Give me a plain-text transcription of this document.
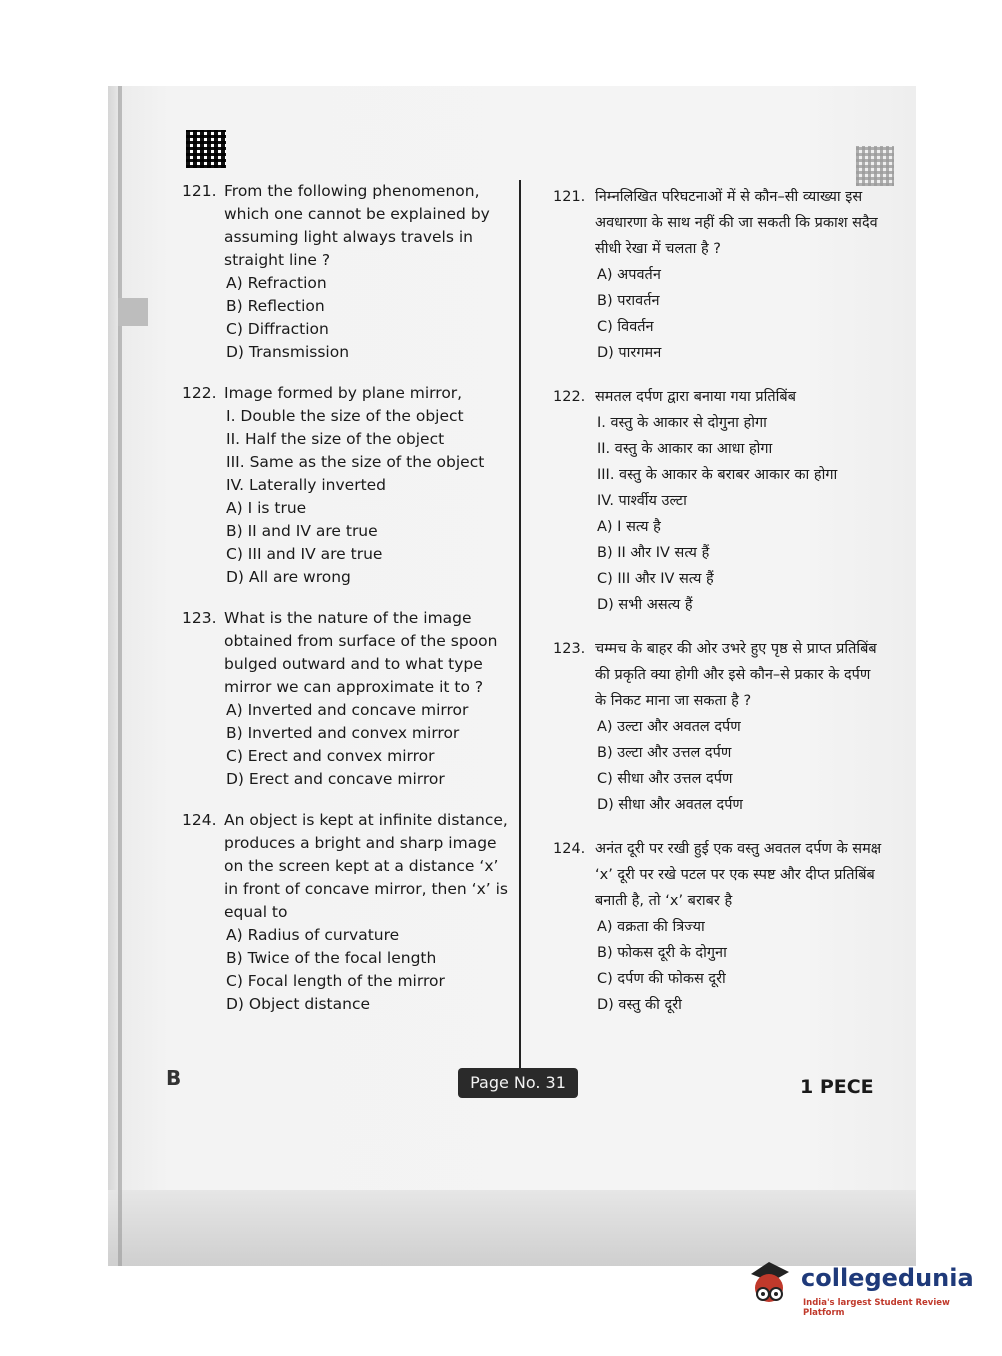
121. From the following phenomenon, which one cannot be explained by assuming light always travels in straight line ?
A) Refraction
B) Reflection
C) Diffraction
D) Transmission
122. Image formed by plane mirror,
I. Double the size of the object
II. Half the size of the object
III. Same as the size of the object
IV. Laterally inverted
A) I is true
B) II and IV are true
C) III and IV are true
D) All are wrong
123. What is the nature of the image obtained from surface of the spoon bulged outward and to what type mirror we can approximate it to ?
A) Inverted and concave mirror
B) Inverted and convex mirror
C) Erect and convex mirror
D) Erect and concave mirror
124. An object is kept at infinite distance, produces a bright and sharp image on the screen kept at a distance ‘x’ in front of concave mirror, then ‘x’ is equal to
A) Radius of curvature
B) Twice of the focal length
C) Focal length of the mirror
D) Object distance
121. निम्नलिखित परिघटनाओं में से कौन–सी व्याख्या इस अवधारणा के साथ नहीं की जा सकती कि प्रकाश सदैव सीधी रेखा में चलता है ?
A) अपवर्तन
B) परावर्तन
C) विवर्तन
D) पारगमन
122. समतल दर्पण द्वारा बनाया गया प्रतिबिंब
I. वस्तु के आकार से दोगुना होगा
II. वस्तु के आकार का आधा होगा
III. वस्तु के आकार के बराबर आकार का होगा
IV. पार्श्वीय उल्टा
A) I सत्य है
B) II और IV सत्य हैं
C) III और IV सत्य हैं
D) सभी असत्य हैं
123. चम्मच के बाहर की ओर उभरे हुए पृष्ठ से प्राप्त प्रतिबिंब की प्रकृति क्या होगी और इसे कौन–से प्रकार के दर्पण के निकट माना जा सकता है ?
A) उल्टा और अवतल दर्पण
B) उल्टा और उत्तल दर्पण
C) सीधा और उत्तल दर्पण
D) सीधा और अवतल दर्पण
124. अनंत दूरी पर रखी हुई एक वस्तु अवतल दर्पण के समक्ष ‘x’ दूरी पर रखे पटल पर एक स्पष्ट और दीप्त प्रतिबिंब बनाती है, तो ‘x’ बराबर है
A) वक्रता की त्रिज्या
B) फोकस दूरी के दोगुना
C) दर्पण की फोकस दूरी
D) वस्तु की दूरी
B	Page No. 31	1 PECE
collegedunia
India's largest Student Review Platform
